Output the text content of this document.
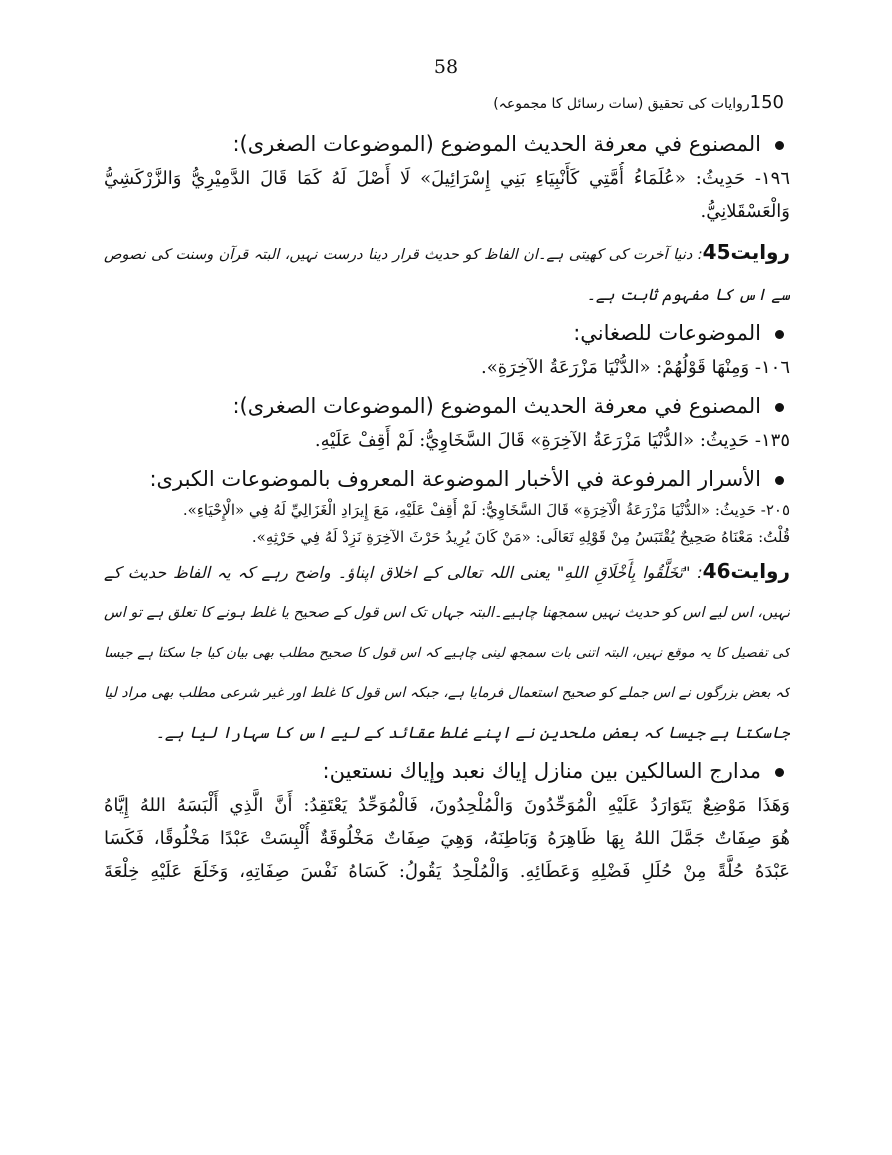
58
150روایات کی تحقیق (سات رسائل کا مجموعہ)
المصنوع في معرفة الحديث الموضوع (الموضوعات الصغرى):
١٩٦- حَدِيثُ: «عُلَمَاءُ أُمَّتِي كَأَنْبِيَاءِ بَنِي إِسْرَائِيلَ» لَا أَصْلَ لَهُ كَمَا قَالَ الدَّمِيْرِيُّ وَالزَّرْكَشِيُّ
وَالْعَسْقَلانِيُّ.
روایت45: دنیا آخرت کی کھیتی ہے۔ان الفاظ کو حدیث قرار دینا درست نہیں، البتہ قرآن وسنت کی نصوص
سے اس کا مفہوم ثابت ہے۔
الموضوعات للصغاني:
١٠٦- وَمِنْهَا قَوْلُهُمْ: «الدُّنْيَا مَزْرَعَةُ الآخِرَةِ».
المصنوع في معرفة الحديث الموضوع (الموضوعات الصغرى):
١٣٥- حَدِيثُ: «الدُّنْيَا مَزْرَعَةُ الآخِرَةِ» قَالَ السَّخَاوِيُّ: لَمْ أَقِفْ عَلَيْهِ.
الأسرار المرفوعة في الأخبار الموضوعة المعروف بالموضوعات الكبرى:
٢٠٥- حَدِيثُ: «الدُّنْيَا مَزْرَعَةُ الْآخِرَةِ» قَالَ السَّخَاوِيُّ: لَمْ أَقِفْ عَلَيْهِ، مَعَ إِيرَادِ الْغَزَالِيِّ لَهُ فِي «الْإِحْيَاءِ».
قُلْتُ: مَعْنَاهُ صَحِيحٌ يُقْتَبَسُ مِنْ قَوْلِهِ تَعَالَى: «مَنْ كَانَ يُرِيدُ حَرْثَ الآخِرَةِ نَزِدْ لَهُ فِي حَرْثِهِ».
روایت46: "تَخَلَّقُوا بِأَخْلَاقِ اللهِ" یعنی اللہ تعالی کے اخلاق اپناؤ۔ واضح رہے کہ یہ الفاظ حدیث کے
نہیں، اس لیے اس کو حدیث نہیں سمجھنا چاہیے۔البتہ جہاں تک اس قول کے صحیح یا غلط ہونے کا تعلق ہے تو اس
کی تفصیل کا یہ موقع نہیں، البتہ اتنی بات سمجھ لینی چاہیے کہ اس قول کا صحیح مطلب بھی بیان کیا جا سکتا ہے جیسا
کہ بعض بزرگوں نے اس جملے کو صحیح استعمال فرمایا ہے، جبکہ اس قول کا غلط اور غیر شرعی مطلب بھی مراد لیا
جاسکتا ہے جیسا کہ بعض ملحدین نے اپنے غلط عقائد کے لیے اس کا سہارا لیا ہے۔
مدارج السالكين بين منازل إياك نعبد وإياك نستعين:
وَهَذَا مَوْضِعٌ يَتَوَارَدُ عَلَيْهِ الْمُوَحِّدُونَ وَالْمُلْحِدُونَ، فَالْمُوَحِّدُ يَعْتَقِدُ: أَنَّ الَّذِي أَلْبَسَهُ اللهُ إِيَّاهُ
هُوَ صِفَاتٌ جَمَّلَ اللهُ بِهَا ظَاهِرَهُ وَبَاطِنَهُ، وَهِيَ صِفَاتٌ مَخْلُوقَةٌ أُلْبِسَتْ عَبْدًا مَخْلُوقًا، فَكَسَا
عَبْدَهُ حُلَّةً مِنْ حُلَلِ فَضْلِهِ وَعَطَائِهِ. وَالْمُلْحِدُ يَقُولُ: كَسَاهُ نَفْسَ صِفَاتِهِ، وَخَلَعَ عَلَيْهِ خِلْعَةَ
